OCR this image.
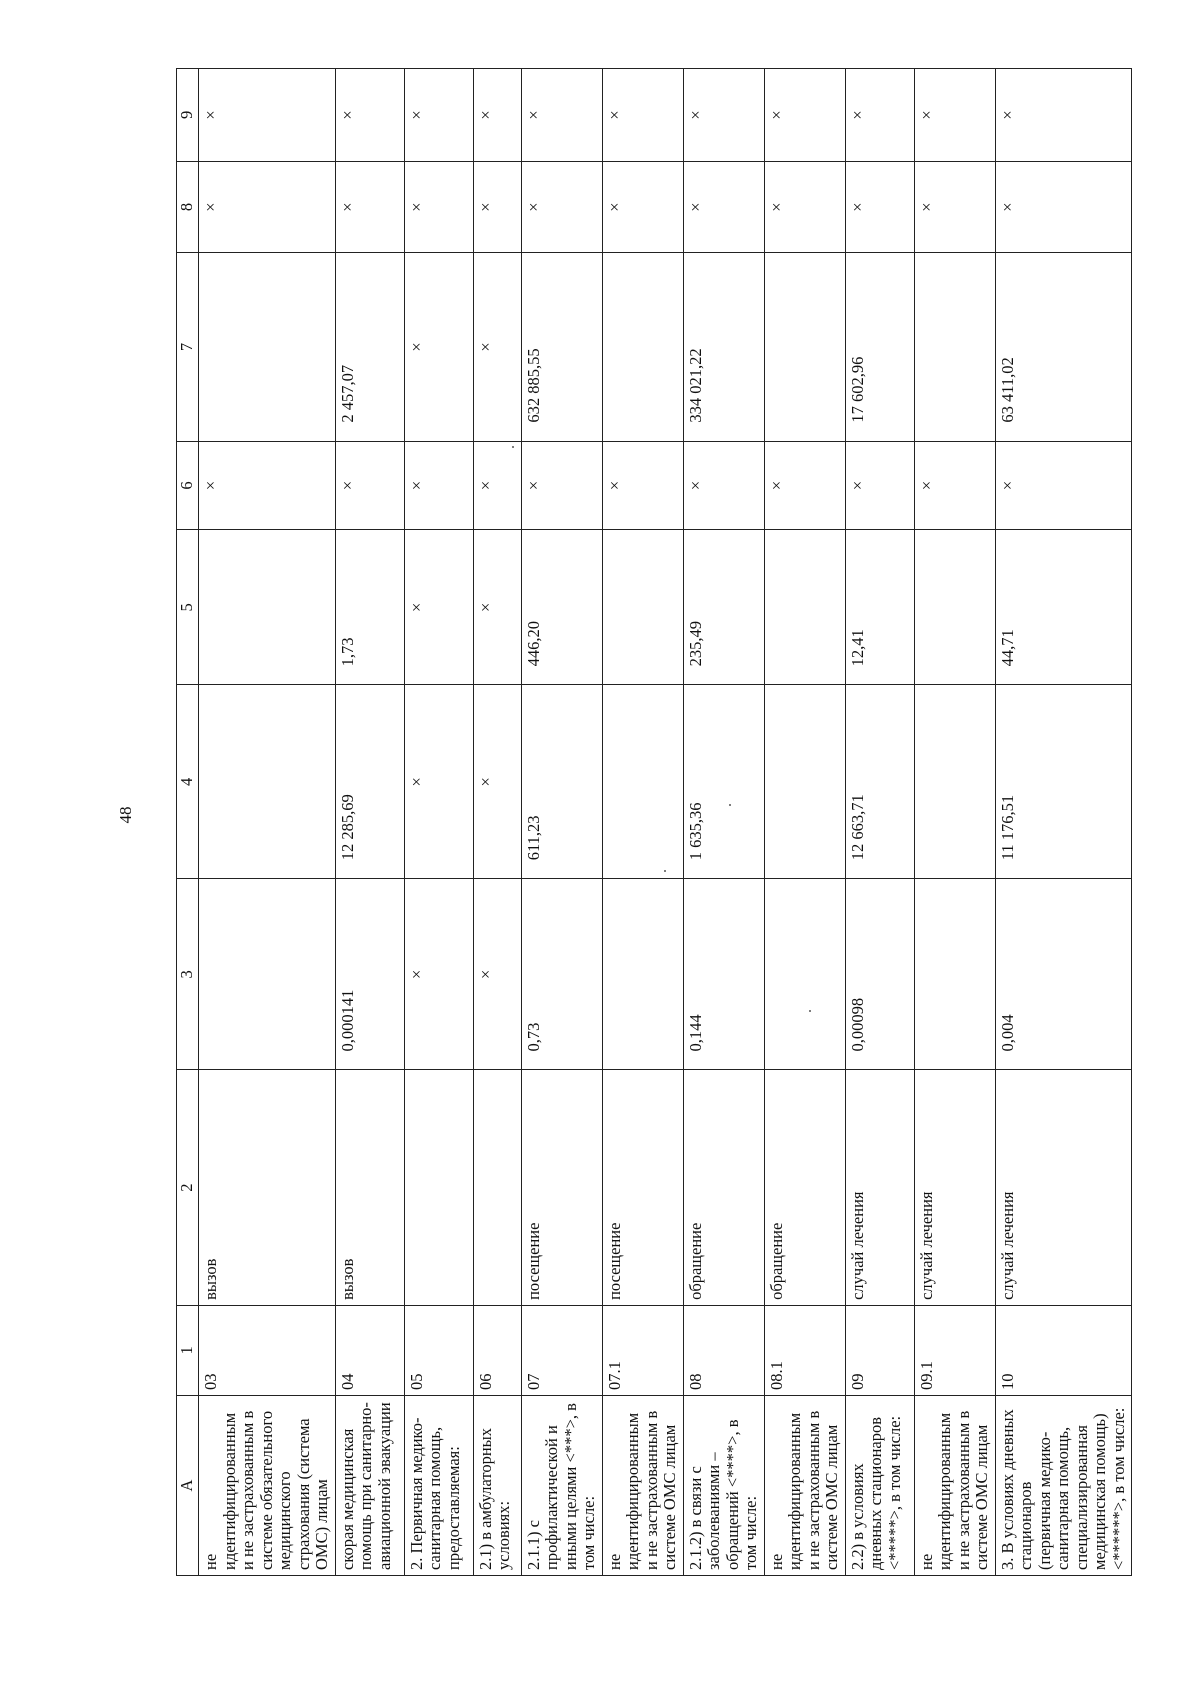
48
А	1	2	3	4	5	6	7	8	9
не идентифицированным и не застрахованным в системе обязательного медицинского страхования (система ОМС) лицам	03	вызов				×		×	×
скорая медицинская помощь при санитарно-авиационной эвакуации	04	вызов	0,000141	12 285,69	1,73	×	2 457,07	×	×
2. Первичная медико-санитарная помощь, предоставляемая:	05		×	×	×	×	×	×	×
2.1) в амбулаторных условиях:	06		×	×	×	×	×	×	×
2.1.1) с профилактической и иными целями <***>, в том числе:	07	посещение	0,73	611,23	446,20	×	632 885,55	×	×
не идентифицированным и не застрахованным в системе ОМС лицам	07.1	посещение				×		×	×
2.1.2) в связи с заболеваниями – обращений <****>, в том числе:	08	обращение	0,144	1 635,36	235,49	×	334 021,22	×	×
не идентифицированным и не застрахованным в системе ОМС лицам	08.1	обращение				×		×	×
2.2) в условиях дневных стационаров <*****>, в том числе:	09	случай лечения	0,00098	12 663,71	12,41	×	17 602,96	×	×
не идентифицированным и не застрахованным в системе ОМС лицам	09.1	случай лечения				×		×	×
3. В условиях дневных стационаров (первичная медико-санитарная помощь, специализированная медицинская помощь) <******>, в том числе:	10	случай лечения	0,004	11 176,51	44,71	×	63 411,02	×	×
